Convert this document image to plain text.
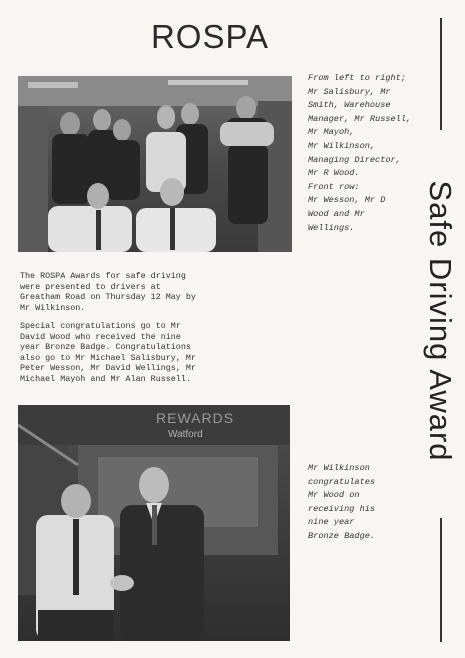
ROSPA
Safe Driving Award
From left to right;
Mr Salisbury, Mr
Smith, Warehouse
Manager, Mr Russell,
Mr Mayoh,
Mr Wilkinson,
Managing Director,
Mr R Wood.
Front row:
Mr Wesson, Mr D
Wood and Mr
Wellings.
The ROSPA Awards for safe driving
were presented to drivers at
Greatham Road on Thursday 12 May by
Mr Wilkinson.
Special congratulations go to Mr
David Wood who received the nine
year Bronze Badge. Congratulations
also go to Mr Michael Salisbury, Mr
Peter Wesson, Mr David Wellings, Mr
Michael Mayoh and Mr Alan Russell.
REWARDS
Watford
Mr Wilkinson
congratulates
Mr Wood on
receiving his
nine year
Bronze Badge.
